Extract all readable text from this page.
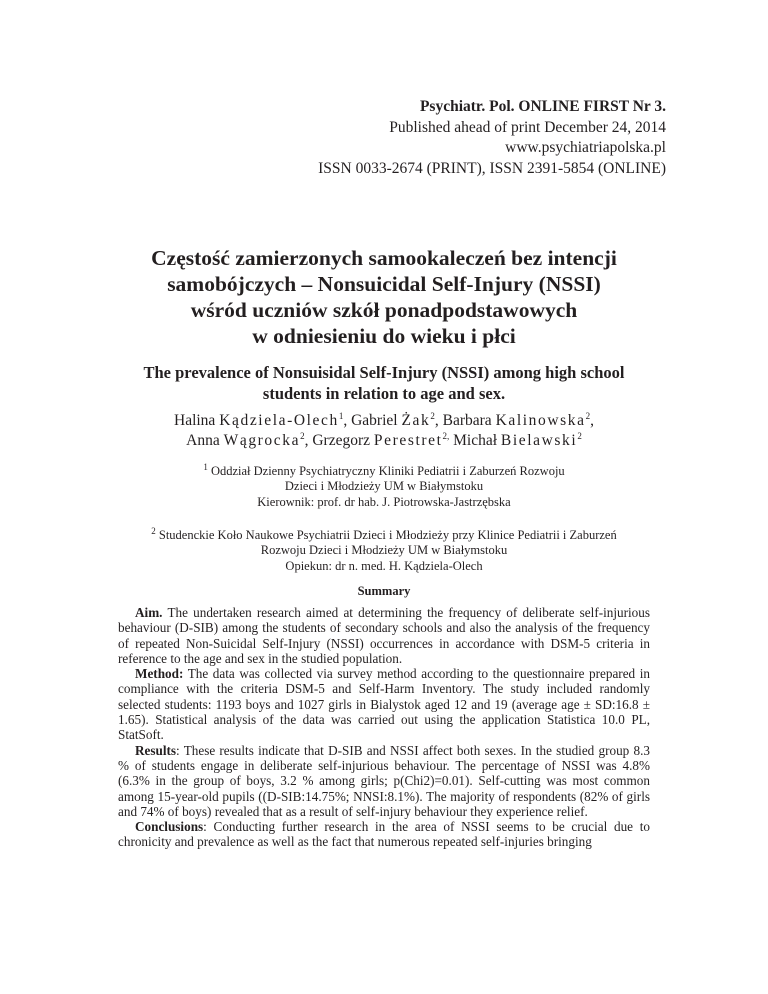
Psychiatr. Pol. ONLINE FIRST Nr 3.
Published ahead of print December 24, 2014
www.psychiatriapolska.pl
ISSN 0033-2674 (PRINT), ISSN 2391-5854 (ONLINE)
Częstość zamierzonych samookaleczeń bez intencji
samobójczych – Nonsuicidal Self-Injury (NSSI)
wśród uczniów szkół ponadpodstawowych
w odniesieniu do wieku i płci
The prevalence of Nonsuisidal Self-Injury (NSSI) among high school
students in relation to age and sex.
Halina Kądziela-Olech$^1$, Gabriel Żak$^2$, Barbara Kalinowska$^2$,
Anna Wągrocka$^2$, Grzegorz Perestret$^{2,}$ Michał Bielawski$^2$
$^1$ Oddział Dzienny Psychiatryczny Kliniki Pediatrii i Zaburzeń Rozwoju
Dzieci i Młodzieży UM w Białymstoku
Kierownik: prof. dr hab. J. Piotrowska-Jastrzębska
$^2$ Studenckie Koło Naukowe Psychiatrii Dzieci i Młodzieży przy Klinice Pediatrii i Zaburzeń
Rozwoju Dzieci i Młodzieży UM w Białymstoku
Opiekun: dr n. med. H. Kądziela-Olech
Summary

Aim. The undertaken research aimed at determining the frequency of deliberate self-injurious behaviour (D-SIB) among the students of secondary schools and also the analysis of the frequency of repeated Non-Suicidal Self-Injury (NSSI) occurrences in accordance with DSM-5 criteria in reference to the age and sex in the studied population.

Method: The data was collected via survey method according to the questionnaire prepared in compliance with the criteria DSM-5 and Self-Harm Inventory. The study included randomly selected students: 1193 boys and 1027 girls in Bialystok aged 12 and 19 (average age ± SD:16.8 ± 1.65). Statistical analysis of the data was carried out using the application Statistica 10.0 PL, StatSoft.

Results: These results indicate that D-SIB and NSSI affect both sexes. In the studied group 8.3 % of students engage in deliberate self-injurious behaviour. The percentage of NSSI was 4.8% (6.3% in the group of boys, 3.2 % among girls; p(Chi2)=0.01). Self-cutting was most common among 15-year-old pupils ((D-SIB:14.75%; NNSI:8.1%). The majority of respondents (82% of girls and 74% of boys) revealed that as a result of self-injury behaviour they experience relief.

Conclusions: Conducting further research in the area of NSSI seems to be crucial due to chronicity and prevalence as well as the fact that numerous repeated self-injuries bringing
